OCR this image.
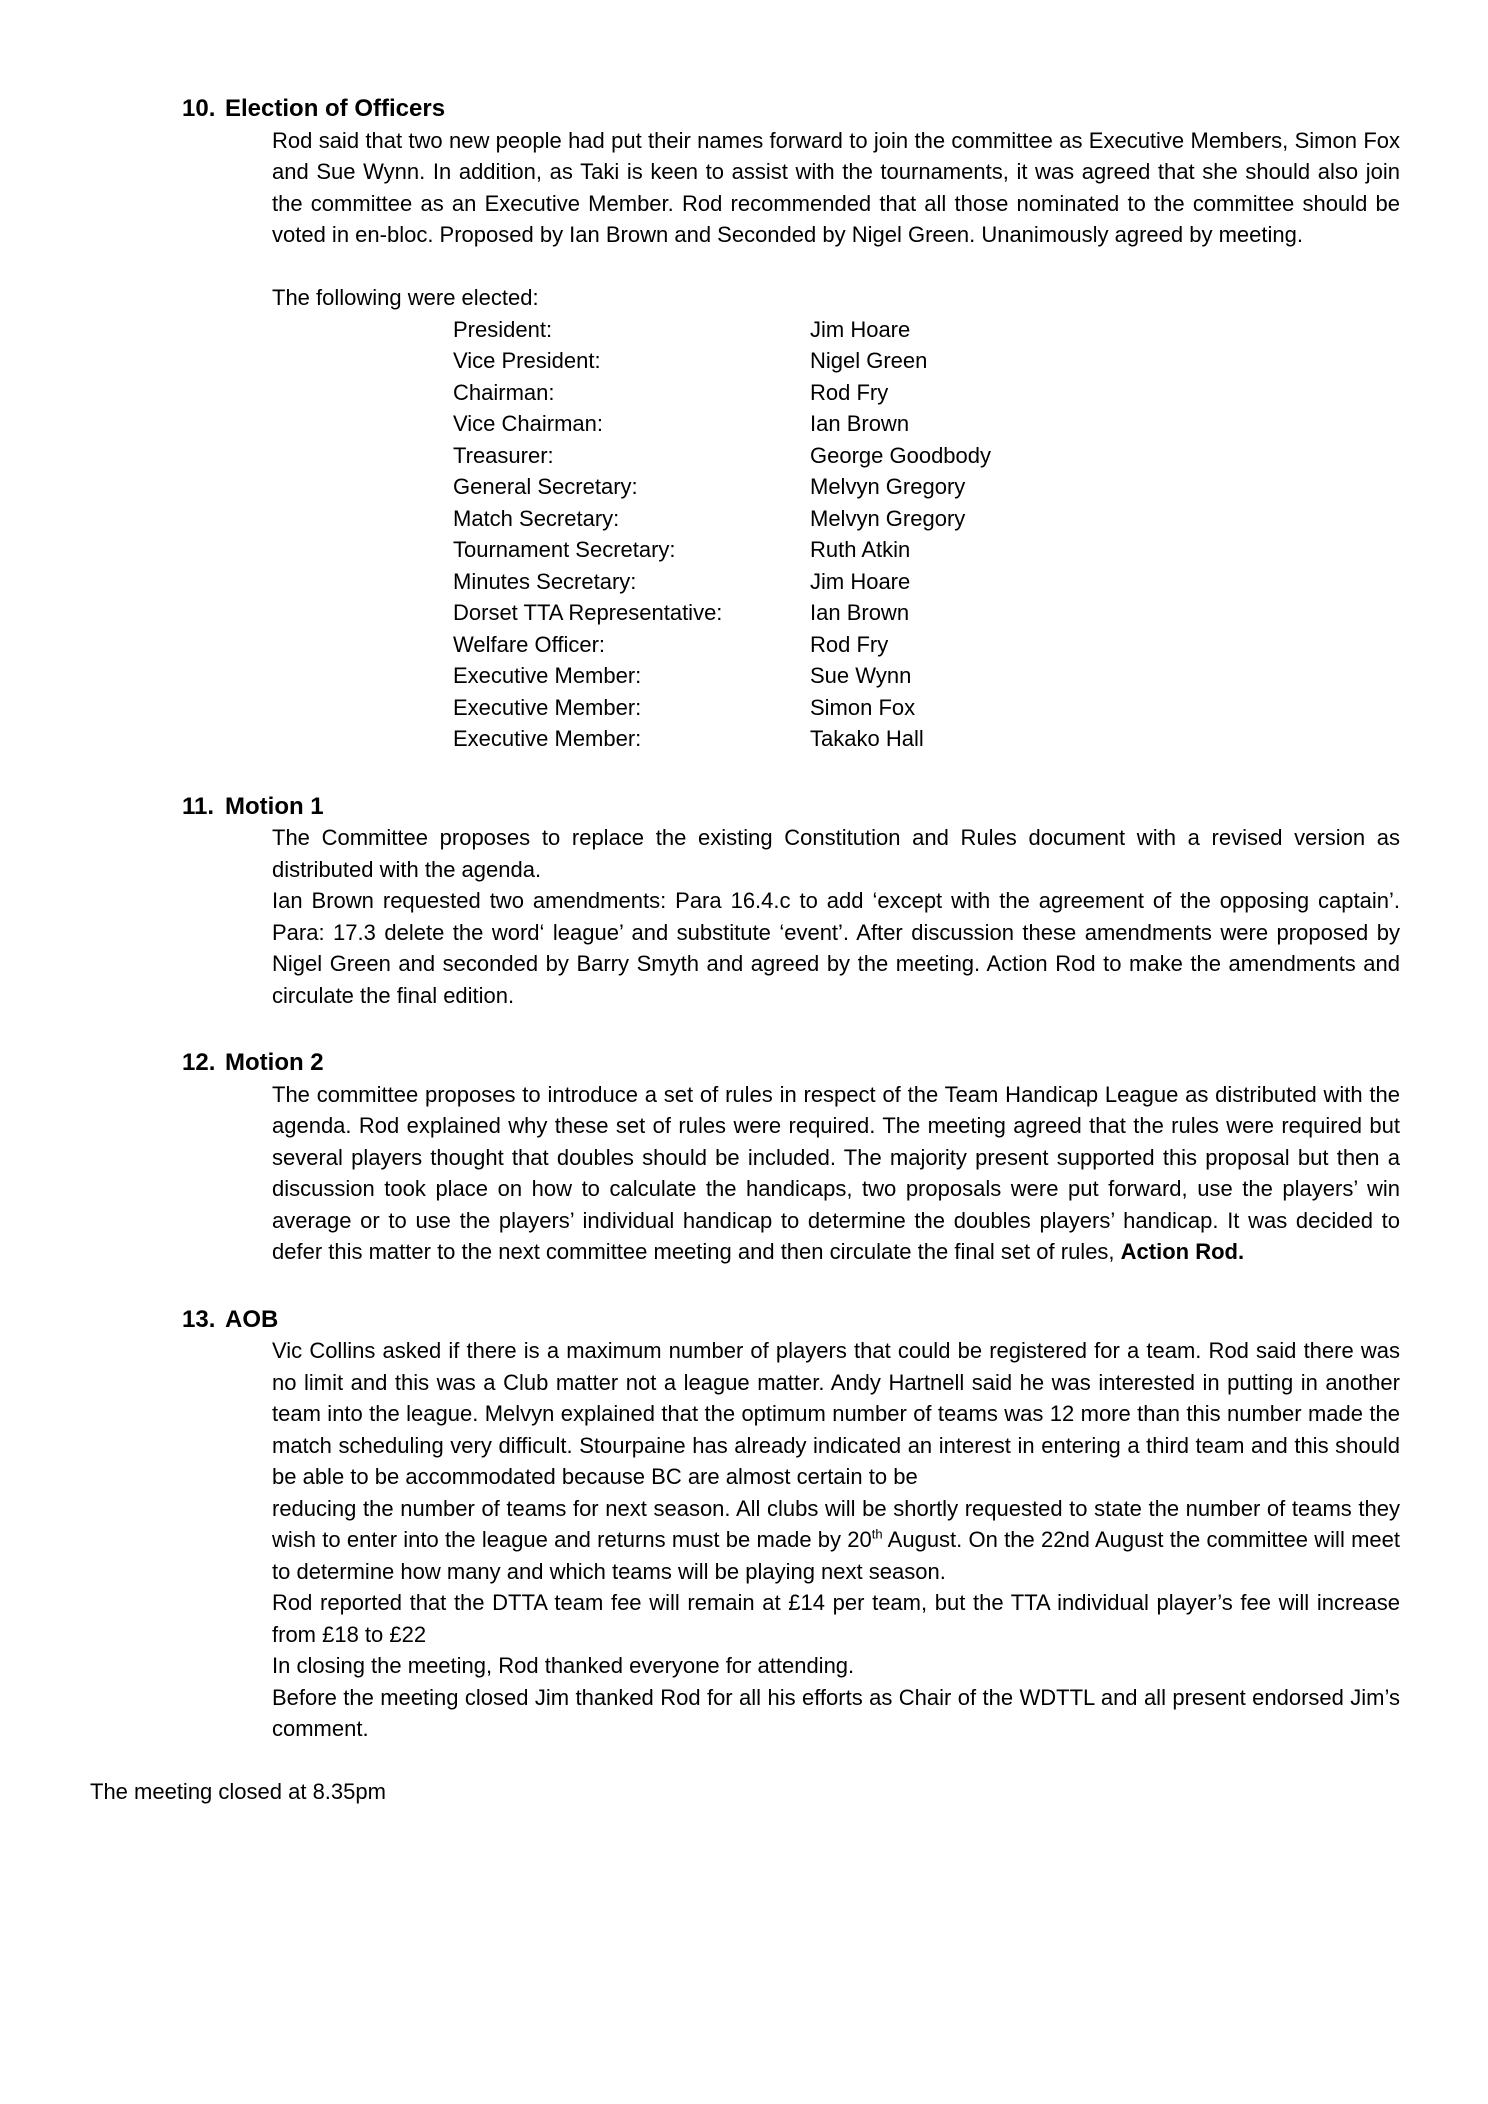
10. Election of Officers

Rod said that two new people had put their names forward to join the committee as Executive Members, Simon Fox and Sue Wynn. In addition, as Taki is keen to assist with the tournaments, it was agreed that she should also join the committee as an Executive Member. Rod recommended that all those nominated to the committee should be voted in en-bloc. Proposed by Ian Brown and Seconded by Nigel Green. Unanimously agreed by meeting.

The following were elected:

President:	Jim Hoare
Vice President:	Nigel Green
Chairman:	Rod Fry
Vice Chairman:	Ian Brown
Treasurer:	George Goodbody
General Secretary:	Melvyn Gregory
Match Secretary:	Melvyn Gregory
Tournament Secretary:	Ruth Atkin
Minutes Secretary:	Jim Hoare
Dorset TTA Representative:	Ian Brown
Welfare Officer:	Rod Fry
Executive Member:	Sue Wynn
Executive Member:	Simon Fox
Executive Member:	Takako Hall
11. Motion 1

The Committee proposes to replace the existing Constitution and Rules document with a revised version as distributed with the agenda.

Ian Brown requested two amendments: Para 16.4.c to add ‘except with the agreement of the opposing captain’. Para: 17.3 delete the word‘ league’ and substitute ‘event’. After discussion these amendments were proposed by Nigel Green and seconded by Barry Smyth and agreed by the meeting. Action Rod to make the amendments and circulate the final edition.

12. Motion 2

The committee proposes to introduce a set of rules in respect of the Team Handicap League as distributed with the agenda. Rod explained why these set of rules were required. The meeting agreed that the rules were required but several players thought that doubles should be included. The majority present supported this proposal but then a discussion took place on how to calculate the handicaps, two proposals were put forward, use the players’ win average or to use the players’ individual handicap to determine the doubles players’ handicap. It was decided to defer this matter to the next committee meeting and then circulate the final set of rules, Action Rod.

13. AOB

Vic Collins asked if there is a maximum number of players that could be registered for a team. Rod said there was no limit and this was a Club matter not a league matter. Andy Hartnell said he was interested in putting in another team into the league. Melvyn explained that the optimum number of teams was 12 more than this number made the match scheduling very difficult. Stourpaine has already indicated an interest in entering a third team and this should be able to be accommodated because BC are almost certain to be

reducing the number of teams for next season. All clubs will be shortly requested to state the number of teams they wish to enter into the league and returns must be made by 20th August. On the 22nd August the committee will meet to determine how many and which teams will be playing next season.

Rod reported that the DTTA team fee will remain at £14 per team, but the TTA individual player’s fee will increase from £18 to £22

In closing the meeting, Rod thanked everyone for attending.

Before the meeting closed Jim thanked Rod for all his efforts as Chair of the WDTTL and all present endorsed Jim’s comment.

The meeting closed at 8.35pm
